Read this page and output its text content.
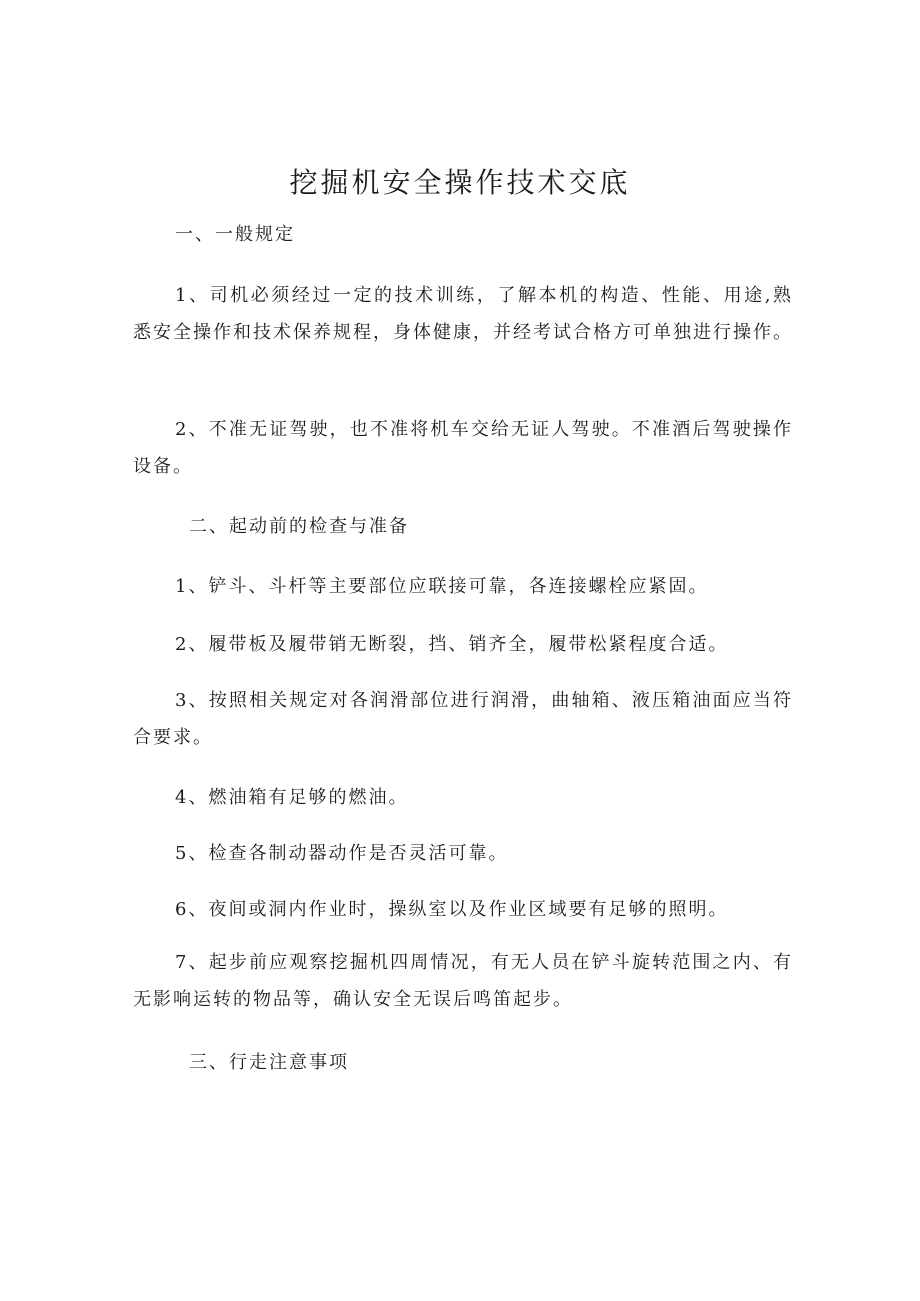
挖掘机安全操作技术交底
一、一般规定
1、司机必须经过一定的技术训练，了解本机的构造、性能、用途,熟悉安全操作和技术保养规程，身体健康，并经考试合格方可单独进行操作。
2、不准无证驾驶，也不准将机车交给无证人驾驶。不准酒后驾驶操作设备。
二、起动前的检查与准备
1、铲斗、斗杆等主要部位应联接可靠，各连接螺栓应紧固。
2、履带板及履带销无断裂，挡、销齐全，履带松紧程度合适。
3、按照相关规定对各润滑部位进行润滑，曲轴箱、液压箱油面应当符合要求。
4、燃油箱有足够的燃油。
5、检查各制动器动作是否灵活可靠。
6、夜间或洞内作业时，操纵室以及作业区域要有足够的照明。
7、起步前应观察挖掘机四周情况，有无人员在铲斗旋转范围之内、有无影响运转的物品等，确认安全无误后鸣笛起步。
三、行走注意事项
